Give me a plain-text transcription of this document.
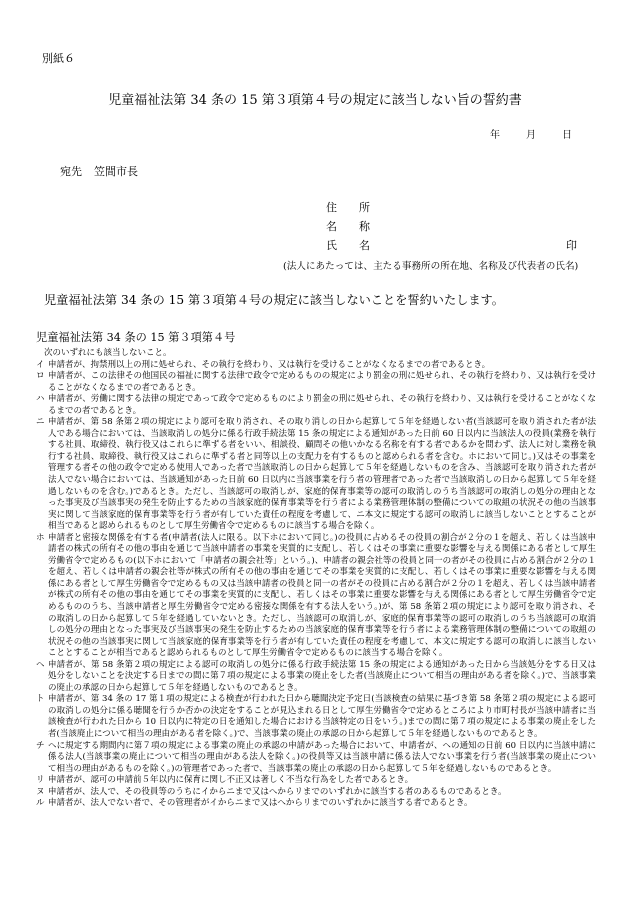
別紙６
児童福祉法第 34 条の 15 第３項第４号の規定に該当しない旨の誓約書
年	月	日
宛先 笠間市長
住　　所
名　　称
氏　　名	印
(法人にあたっては、主たる事務所の所在地、名称及び代表者の氏名)
児童福祉法第 34 条の 15 第３項第４号の規定に該当しないことを誓約いたします。
児童福祉法第 34 条の 15 第３項第４号
次のいずれにも該当しないこと。
イ 申請者が、拘禁刑以上の刑に処せられ、その執行を終わり、又は執行を受けることがなくなるまでの者であるとき。
ロ 申請者が、この法律その他国民の福祉に関する法律で政令で定めるものの規定により罰金の刑に処せられ、その執行を終わり、又は執行を受けることがなくなるまでの者であるとき。
ハ 申請者が、労働に関する法律の規定であって政令で定めるものにより罰金の刑に処せられ、その執行を終わり、又は執行を受けることがなくなるまでの者であるとき。
ニ 申請者が、第 58 条第２項の規定により認可を取り消され、その取り消しの日から起算して５年を経過しない者(当該認可を取り消された者が法人である場合においては、当該取消しの処分に係る行政手続法第 15 条の規定による通知があった日前 60 日以内に当該法人の役員(業務を執行する社員、取締役、執行役又はこれらに準ずる者をいい、相談役、顧問その他いかなる名称を有する者であるかを問わず、法人に対し業務を執行する社員、取締役、執行役又はこれらに準ずる者と同等以上の支配力を有するものと認められる者を含む。ホにおいて同じ。)又はその事業を管理する者その他の政令で定める使用人であった者で当該取消しの日から起算して５年を経過しないものを含み、当該認可を取り消された者が法人でない場合においては、当該通知があった日前 60 日以内に当該事業を行う者の管理者であった者で当該取消しの日から起算して５年を経過しないものを含む。)であるとき。ただし、当該認可の取消しが、家庭的保育事業等の認可の取消しのうち当該認可の取消しの処分の理由となった事実及び当該事実の発生を防止するための当該家庭的保育事業等を行う者による業務管理体制の整備についての取組の状況その他の当該事実に関して当該家庭的保育事業等を行う者が有していた責任の程度を考慮して、ニ本文に規定する認可の取消しに該当しないこととすることが相当であると認められるものとして厚生労働省令で定めるものに該当する場合を除く。
ホ 申請者と密接な関係を有する者(申請者(法人に限る。以下ホにおいて同じ。)の役員に占めるその役員の割合が２分の１を超え、若しくは当該申請者の株式の所有その他の事由を通じて当該申請者の事業を実質的に支配し、若しくはその事業に重要な影響を与える関係にある者として厚生労働省令で定めるもの(以下ホにおいて「申請者の親会社等」という。)、申請者の親会社等の役員と同一の者がその役員に占める割合が２分の１を超え、若しくは申請者の親会社等が株式の所有その他の事由を通じてその事業を実質的に支配し、若しくはその事業に重要な影響を与える関係にある者として厚生労働省令で定めるもの又は当該申請者の役員と同一の者がその役員に占める割合が２分の１を超え、若しくは当該申請者が株式の所有その他の事由を通じてその事業を実質的に支配し、若しくはその事業に重要な影響を与える関係にある者として厚生労働省令で定めるもののうち、当該申請者と厚生労働省令で定める密接な関係を有する法人をいう。)が、第 58 条第２項の規定により認可を取り消され、その取消しの日から起算して５年を経過していないとき。ただし、当該認可の取消しが、家庭的保育事業等の認可の取消しのうち当該認可の取消しの処分の理由となった事実及び当該事実の発生を防止するための当該家庭的保育事業等を行う者による業務管理体制の整備についての取組の状況その他の当該事実に関して当該家庭的保育事業等を行う者が有していた責任の程度を考慮して、本文に規定する認可の取消しに該当しないこととすることが相当であると認められるものとして厚生労働省令で定めるものに該当する場合を除く。
ヘ 申請者が、第 58 条第２項の規定による認可の取消しの処分に係る行政手続法第 15 条の規定による通知があった日から当該処分をする日又は処分をしないことを決定する日までの間に第７項の規定による事業の廃止をした者(当該廃止について相当の理由がある者を除く。)で、当該事業の廃止の承認の日から起算して５年を経過しないものであるとき。
ト 申請者が、第 34 条の 17 第１項の規定による検査が行われた日から聴聞決定予定日(当該検査の結果に基づき第 58 条第２項の規定による認可の取消しの処分に係る聴聞を行うか否かの決定をすることが見込まれる日として厚生労働省令で定めるところにより市町村長が当該申請者に当該検査が行われた日から 10 日以内に特定の日を通知した場合における当該特定の日をいう。)までの間に第７項の規定による事業の廃止をした者(当該廃止について相当の理由がある者を除く。)で、当該事業の廃止の承認の日から起算して５年を経過しないものであるとき。
チ ヘに規定する期間内に第７項の規定による事業の廃止の承認の申請があった場合において、申請者が、ヘの通知の日前 60 日以内に当該申請に係る法人(当該事業の廃止について相当の理由がある法人を除く。)の役員等又は当該申請に係る法人でない事業を行う者(当該事業の廃止について相当の理由があるものを除く。)の管理者であった者で、当該事業の廃止の承認の日から起算して５年を経過しないものであるとき。
リ 申請者が、認可の申請前５年以内に保育に関し不正又は著しく不当な行為をした者であるとき。
ヌ 申請者が、法人で、その役員等のうちにイからニまで又はへからリまでのいずれかに該当する者のあるものであるとき。
ル 申請者が、法人でない者で、その管理者がイからニまで又はへからリまでのいずれかに該当する者であるとき。
